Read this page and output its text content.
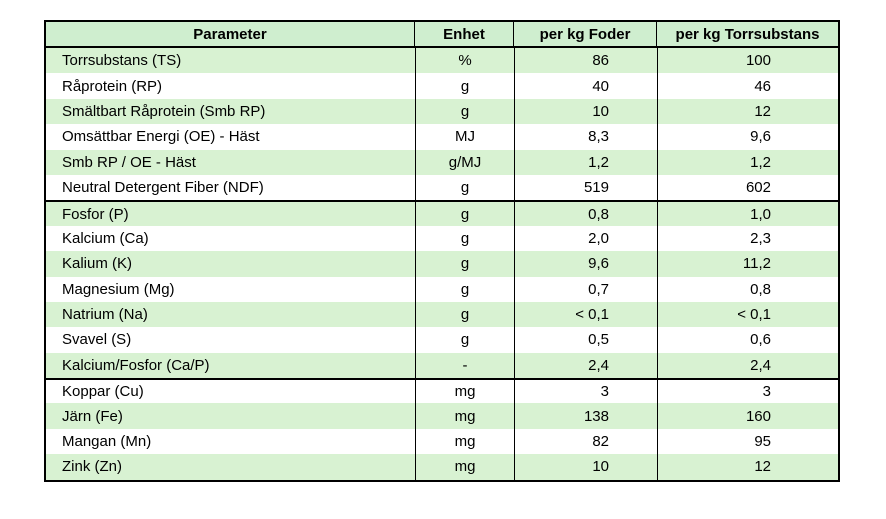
Parameter	Enhet	per kg Foder	per kg Torrsubstans
Torrsubstans (TS)	%	86	100
Råprotein (RP)	g	40	46
Smältbart Råprotein (Smb RP)	g	10	12
Omsättbar Energi (OE) - Häst	MJ	8,3	9,6
Smb RP / OE - Häst	g/MJ	1,2	1,2
Neutral Detergent Fiber (NDF)	g	519	602
Fosfor (P)	g	0,8	1,0
Kalcium (Ca)	g	2,0	2,3
Kalium (K)	g	9,6	11,2
Magnesium (Mg)	g	0,7	0,8
Natrium (Na)	g	< 0,1	< 0,1
Svavel (S)	g	0,5	0,6
Kalcium/Fosfor (Ca/P)	-	2,4	2,4
Koppar (Cu)	mg	3	3
Järn (Fe)	mg	138	160
Mangan (Mn)	mg	82	95
Zink (Zn)	mg	10	12
